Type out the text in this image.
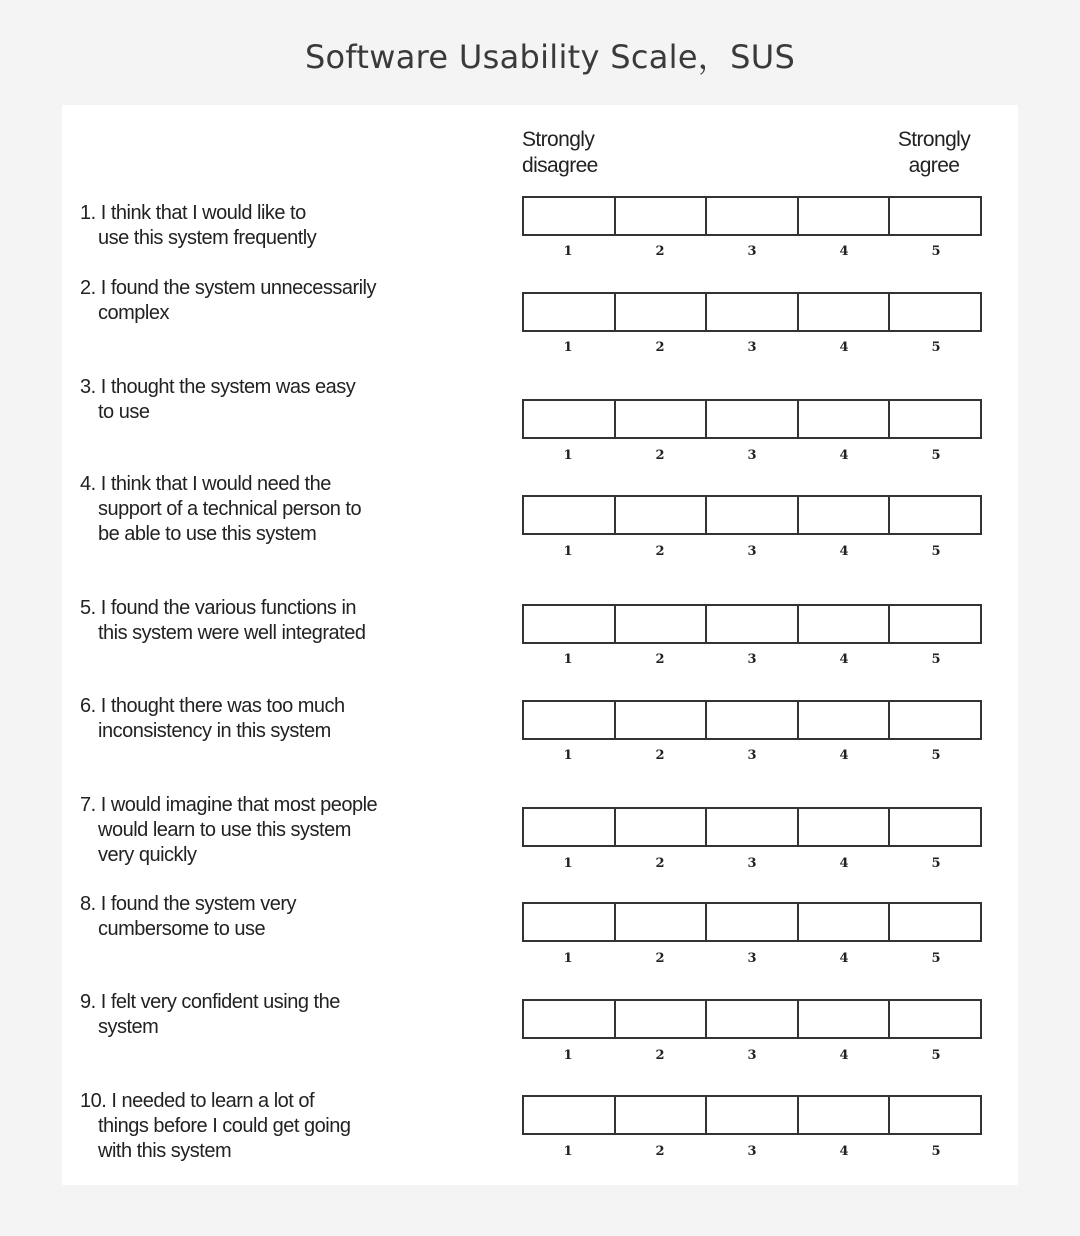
Software Usability Scale，SUS
Strongly
disagree
Strongly
agree
1. I think that I would like to
use this system frequently
1	2	3	4	5
2. I found the system unnecessarily
complex
1	2	3	4	5
3. I thought the system was easy
to use
1	2	3	4	5
4. I think that I would need the
support of a technical person to
be able to use this system
1	2	3	4	5
5. I found the various functions in
this system were well integrated
1	2	3	4	5
6. I thought there was too much
inconsistency in this system
1	2	3	4	5
7. I would imagine that most people
would learn to use this system
very quickly	1	2	3	4	5
8. I found the system very
cumbersome to use
1	2	3	4	5
9. I felt very confident using the
system
1	2	3	4	5
10. I needed to learn a lot of
things before I could get going
with this system	1	2	3	4	5
